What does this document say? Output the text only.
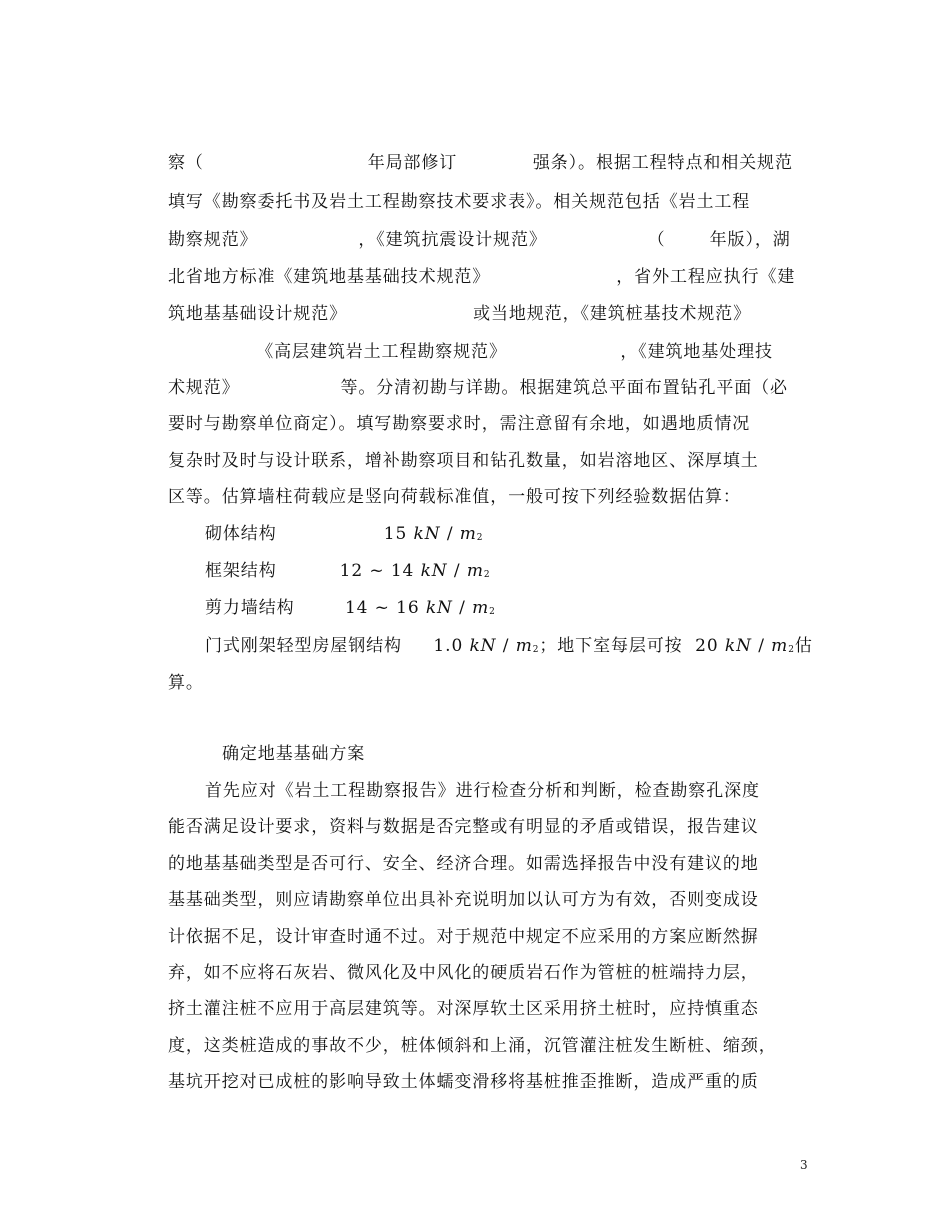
察（                          年局部修订            强条）。根据工程特点和相关规范
填写《勘察委托书及岩土工程勘察技术要求表》。相关规范包括《岩土工程
勘察规范》                ，《建筑抗震设计规范》                （       年版），湖
北省地方标准《建筑地基基础技术规范》                    ，省外工程应执行《建
筑地基基础设计规范》                    或当地规范，《建筑桩基技术规范》
《高层建筑岩土工程勘察规范》                  ，《建筑地基处理技
术规范》                等。分清初勘与详勘。根据建筑总平面布置钻孔平面（必
要时与勘察单位商定）。填写勘察要求时，需注意留有余地，如遇地质情况
复杂时及时与设计联系，增补勘察项目和钻孔数量，如岩溶地区、深厚填土
区等。估算墙柱荷载应是竖向荷载标准值，一般可按下列经验数据估算：
砌体结构	15 kN / m2
框架结构	12 ~ 14 kN / m2
剪力墙结构	14 ~ 16 kN / m2
门式刚架轻型房屋钢结构     1.0 kN / m2；地下室每层可按  20 kN / m2估
算。
确定地基基础方案
首先应对《岩土工程勘察报告》进行检查分析和判断，检查勘察孔深度
能否满足设计要求，资料与数据是否完整或有明显的矛盾或错误，报告建议
的地基基础类型是否可行、安全、经济合理。如需选择报告中没有建议的地
基基础类型，则应请勘察单位出具补充说明加以认可方为有效，否则变成设
计依据不足，设计审查时通不过。对于规范中规定不应采用的方案应断然摒
弃，如不应将石灰岩、微风化及中风化的硬质岩石作为管桩的桩端持力层，
挤土灌注桩不应用于高层建筑等。对深厚软土区采用挤土桩时，应持慎重态
度，这类桩造成的事故不少，桩体倾斜和上涌，沉管灌注桩发生断桩、缩颈，
基坑开挖对已成桩的影响导致土体蠕变滑移将基桩推歪推断，造成严重的质
3
